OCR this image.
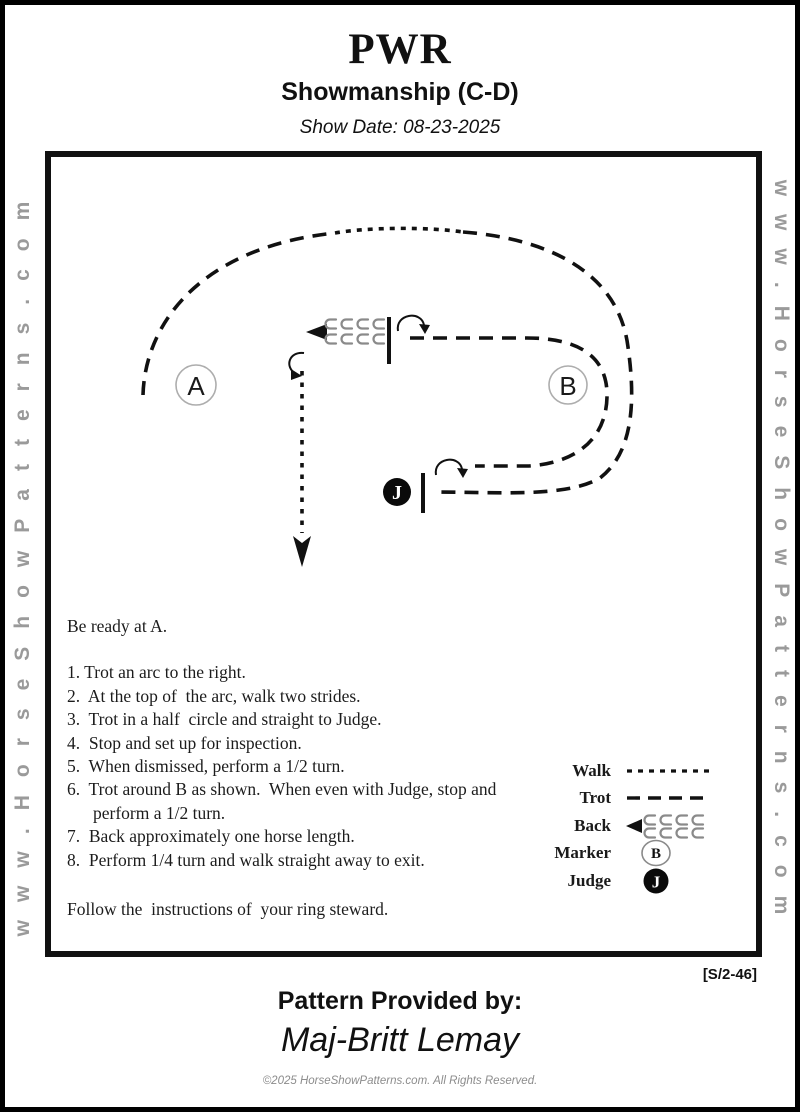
PWR
Showmanship (C-D)
Show Date: 08-23-2025
www.HorseShowPatterns.com	www.HorseShowPatterns.com
A	B
J
Be ready at A.
1. Trot an arc to the right.
2.  At the top of  the arc, walk two strides.
3.  Trot in a half  circle and straight to Judge.
4.  Stop and set up for inspection.
5.  When dismissed, perform a 1/2 turn.
6.  Trot around B as shown.  When even with Judge, stop and perform a 1/2 turn.
7.  Back approximately one horse length.
8.  Perform 1/4 turn and walk straight away to exit.
Follow the  instructions of  your ring steward.
Walk
Trot
Back
Marker	B
Judge J
[S/2-46]
Pattern Provided by:
Maj-Britt Lemay
©2025 HorseShowPatterns.com. All Rights Reserved.
